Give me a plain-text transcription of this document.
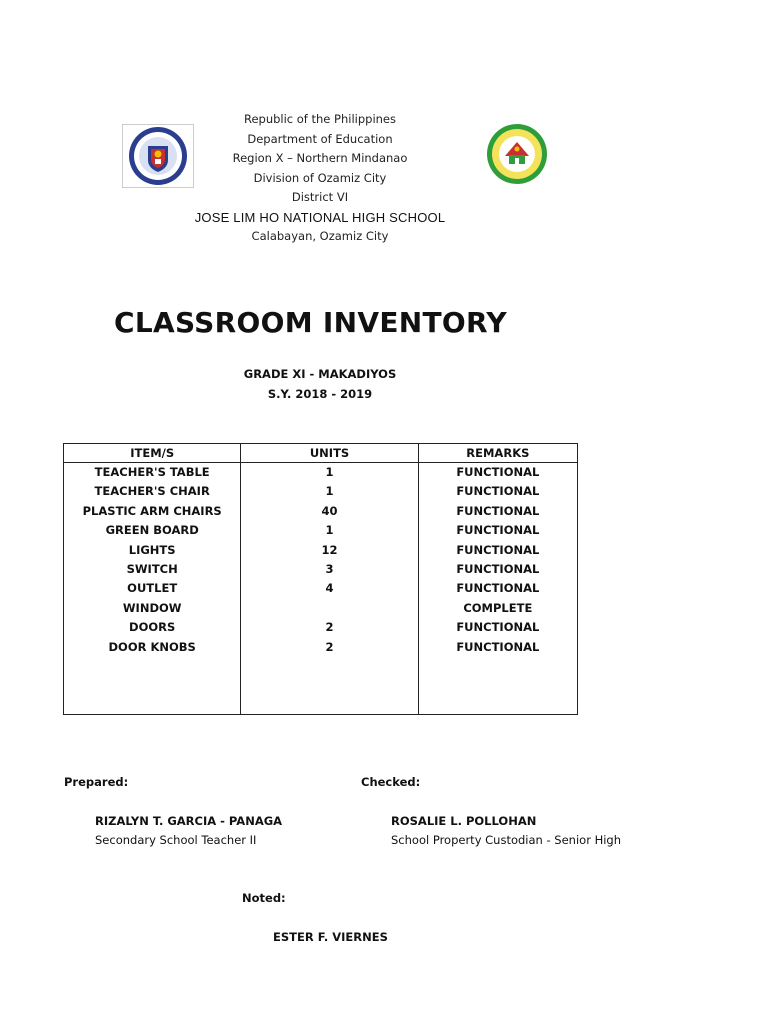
Republic of the Philippines
Department of Education
Region X – Northern Mindanao
Division of Ozamiz City
District VI
JOSE LIM HO NATIONAL HIGH SCHOOL
Calabayan, Ozamiz City
CLASSROOM INVENTORY
GRADE XI - MAKADIYOS
S.Y. 2018 - 2019
ITEM/S	UNITS	REMARKS
TEACHER'S TABLE	1	FUNCTIONAL
TEACHER'S CHAIR	1	FUNCTIONAL
PLASTIC ARM CHAIRS	40	FUNCTIONAL
GREEN BOARD	1	FUNCTIONAL
LIGHTS	12	FUNCTIONAL
SWITCH	3	FUNCTIONAL
OUTLET	4	FUNCTIONAL
WINDOW		COMPLETE
DOORS	2	FUNCTIONAL
DOOR KNOBS	2	FUNCTIONAL

Prepared:	Checked:
RIZALYN T. GARCIA - PANAGA
Secondary School Teacher II
ROSALIE L. POLLOHAN
School Property Custodian - Senior High
Noted:
ESTER F. VIERNES
